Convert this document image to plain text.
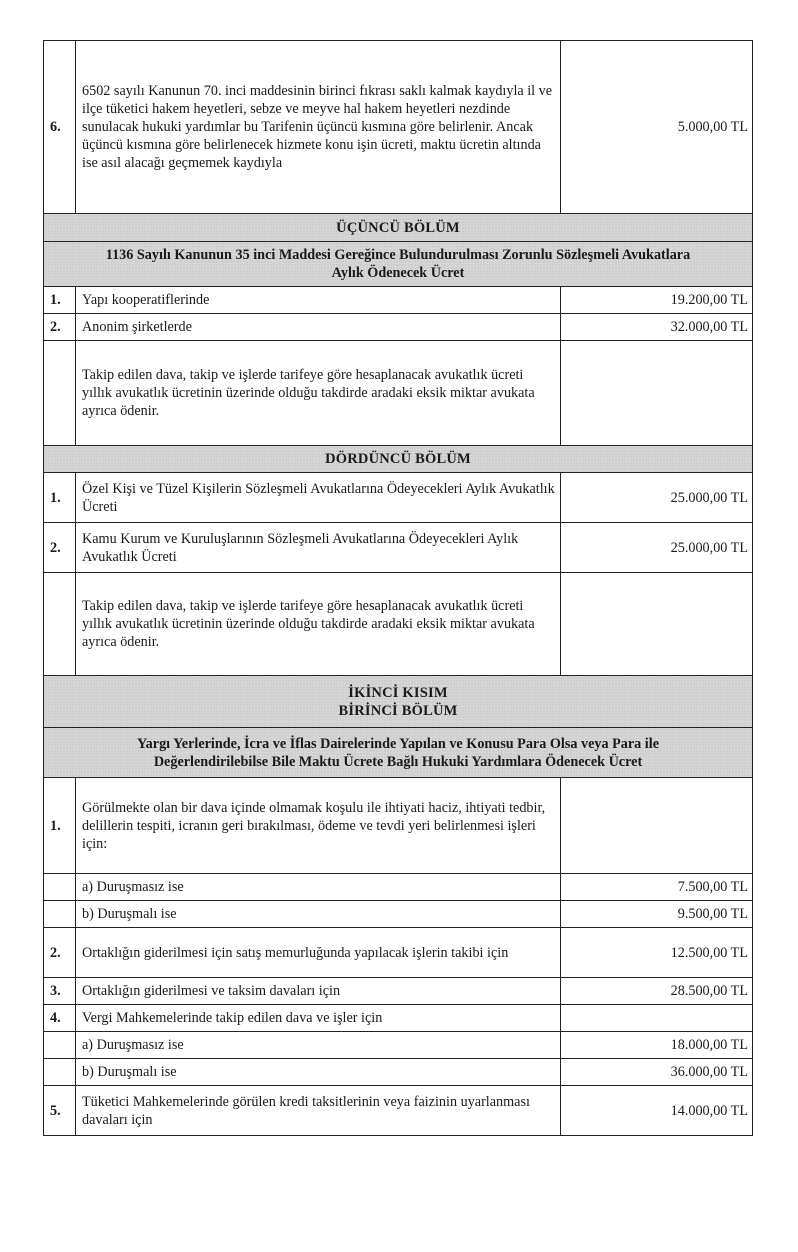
6.	6502 sayılı Kanunun 70. inci maddesinin birinci fıkrası saklı kalmak kaydıyla il ve ilçe tüketici hakem heyetleri, sebze ve meyve hal hakem heyetleri nezdinde sunulacak hukuki yardımlar bu Tarifenin üçüncü kısmına göre belirlenir. Ancak üçüncü kısmına göre belirlenecek hizmete konu işin ücreti, maktu ücretin altında ise asıl alacağı geçmemek kaydıyla	5.000,00 TL

ÜÇÜNCÜ BÖLÜM		

1136 Sayılı Kanunun 35 inci Maddesi Gereğince Bulundurulması Zorunlu Sözleşmeli Avukatlara Aylık Ödenecek Ücret		
1.	Yapı kooperatiflerinde	19.200,00 TL
2.	Anonim şirketlerde	32.000,00 TL
	Takip edilen dava, takip ve işlerde tarifeye göre hesaplanacak avukatlık ücreti yıllık avukatlık ücretinin üzerinde olduğu takdirde aradaki eksik miktar avukata ayrıca ödenir.	

DÖRDÜNCÜ BÖLÜM		

1.	Özel Kişi ve Tüzel Kişilerin Sözleşmeli Avukatlarına Ödeyecekleri Aylık Avukatlık Ücreti	25.000,00 TL
2.	Kamu Kurum ve Kuruluşlarının Sözleşmeli Avukatlarına Ödeyecekleri Aylık Avukatlık Ücreti	25.000,00 TL
	Takip edilen dava, takip ve işlerde tarifeye göre hesaplanacak avukatlık ücreti yıllık avukatlık ücretinin üzerinde olduğu takdirde aradaki eksik miktar avukata ayrıca ödenir.	

İKİNCİ KISIM
BİRİNCİ BÖLÜM		

Yargı Yerlerinde, İcra ve İflas Dairelerinde Yapılan ve Konusu Para Olsa veya Para ile Değerlendirilebilse Bile Maktu Ücrete Bağlı Hukuki Yardımlara Ödenecek Ücret		
1.	Görülmekte olan bir dava içinde olmamak koşulu ile ihtiyati haciz, ihtiyati tedbir, delillerin tespiti, icranın geri bırakılması, ödeme ve tevdi yeri belirlenmesi işleri için:	
	a) Duruşmasız ise	7.500,00 TL
	b) Duruşmalı ise	9.500,00 TL
2.	Ortaklığın giderilmesi için satış memurluğunda yapılacak işlerin takibi için	12.500,00 TL
3.	Ortaklığın giderilmesi ve taksim davaları için	28.500,00 TL
4.	Vergi Mahkemelerinde takip edilen dava ve işler için	
	a) Duruşmasız ise	18.000,00 TL
	b) Duruşmalı ise	36.000,00 TL
5.	Tüketici Mahkemelerinde görülen kredi taksitlerinin veya faizinin uyarlanması davaları için	14.000,00 TL
